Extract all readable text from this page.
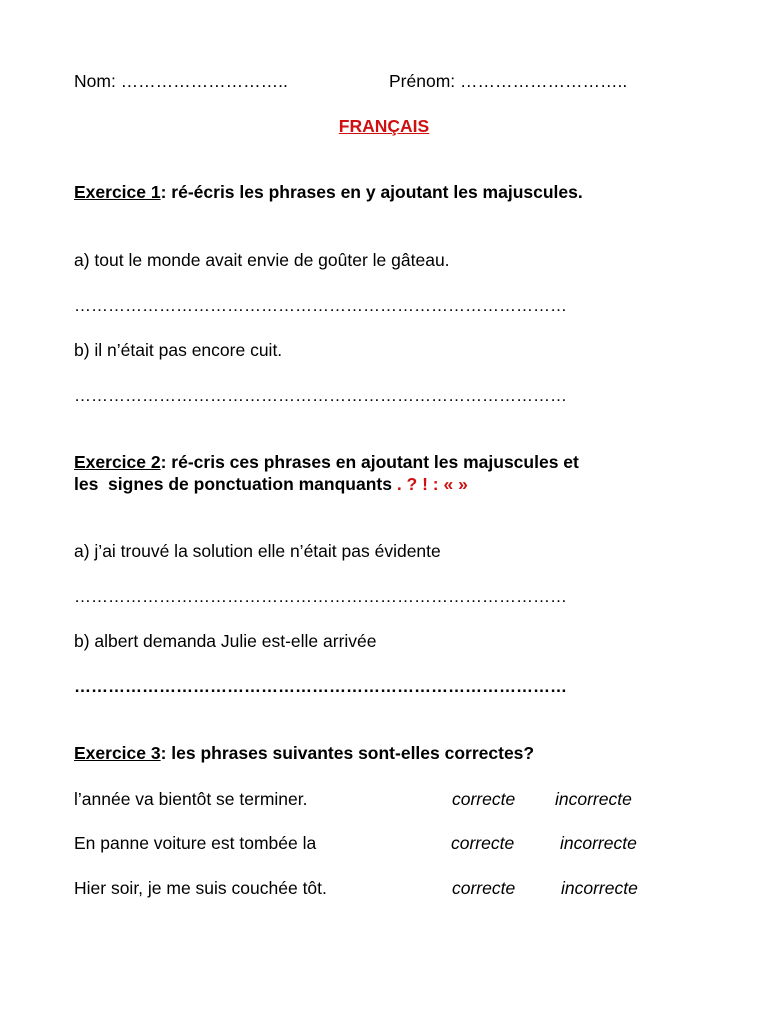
Nom: ………………………..	Prénom: ………………………..
FRANÇAIS
Exercice 1: ré-écris les phrases en y ajoutant les majuscules.
a) tout le monde avait envie de goûter le gâteau.
……………………………………………………………………………
b) il n’était pas encore cuit.
……………………………………………………………………………
Exercice 2: ré-cris ces phrases en ajoutant les majuscules et
les  signes de ponctuation manquants . ? ! : « »
a) j’ai trouvé la solution elle n’était pas évidente
……………………………………………………………………………
b) albert demanda Julie est-elle arrivée
……………………………………………………………………………
Exercice 3: les phrases suivantes sont-elles correctes?
l’année va bientôt se terminer.	correcte incorrecte
En panne voiture est tombée la	correcte	incorrecte
Hier soir, je me suis couchée tôt.	correcte	incorrecte
